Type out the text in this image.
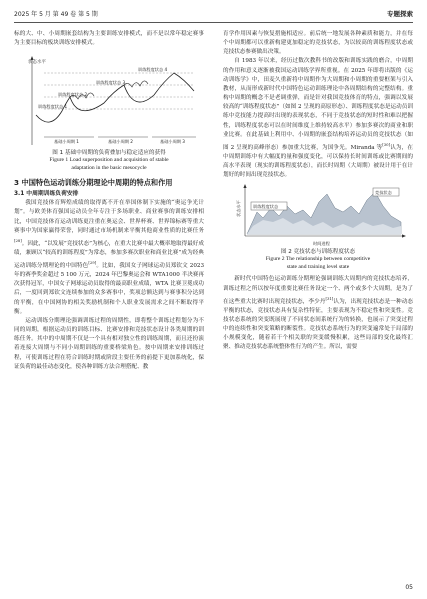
2025 年 5 月 第 49 卷 第 5 期	专题探索

标的大、中、小周期嵌套结构为主要训练安排模式，而不是以常年稳定赛事为主要目标的板块训练安排模式。

状态水平
训练程度状态 1
训练程度状态 2
训练程度状态 3
训练程度状态 4
基础小周期 1	基础小周期 2	基础小周期 3
图 1 基础中周期的负荷叠加与稳定适应的获得
Figure 1 Load superposition and acquisition of stable
adaptation in the basic mesocycle
3 中国特色运动训练分期理论中周期的特点和作用
3.1 中周期训练负荷安排

我国竞技体育辉煌成绩的取得离不开在举国体制下实施的“奥运争光计划”。与欧美体育强国运动员全年专注于多场职业、商业赛事的训练安排相比，中国竞技体育运动训练更注重在奥运会、世界杯赛、世界锦标赛等重大赛事中为国家赢得荣誉，同时通过市场机制来平衡其他商业性质的比赛任务[28]。因此，“以发展”竞技状态”为核心，在重大比赛中最大概率地取得最好成绩，兼顾以“较高的训练程度”为常态，参加多赛次职业和商业比赛”成为经典运动训练分期理论的中国特色[29]。比如，我国女子网球运动员郑钦文 2023 年的赛季奖金超过 5 100 万元，2024 年巴黎奥运会和 WTA1000 半决赛再次获得冠军，中国女子网球运动员取得的最高职业成绩，WTA 比赛卫冕成功后，一度回到郑钦文连续参加的众多赛事中，奖项总额达到与赛事积分达到的平衡，在中国网协的相关奖励机制和个人职业发展需求之间不断取得平衡。

运动训练分期理论强调训练过程的周期性，即将整个训练过程划分为不同的周期，根据运动员的训练目标、比赛安排和竞技状态设计各类周期的训练任务。其中的中周期不仅是一个具有相对独立性的训练周期，而且还扮演着连接大周期与不同小周期训练的重要桥梁角色。按中周期来安排训练过程，可使训练过程在符合训练时期或阶段主要任务的前提下更加系统化，保证负荷的最佳动态变化，使各种训练方法合理搭配、教

育学作用因素与恢复措施相适应。前后统一地发展各种素质和能力，并在每个中周期都可以重新构建更加稳定的竞技状态，为以较高的训练程度状态或竞技状态参赛做出决策。

自 1983 年以来，经历过数次教科书的改版和训练实践的磨合，中周期的作用和意义逐渐被我国运动训练学界所重视。在 2025 年即将出版的《运动训练学》中，田麦久重新将中周期作为大周期和小周期的重要框架与引入教材，从而形成新时代中国特色运动训练理论中各周期结构的完整结构。重构中周期的概念不是老调重弹，而是针对我国竞技体育的特点，强调以发展较高的“训练程度状态”（如图 2 呈现的高原形态）、训练程度状态是运动员训练中竞技能力提高时出现的表现状态，不同于竞技状态的短时性和难以把握性，训练程度状态可以在时间维度上维持较高水平）参加多赛次的商业和职业比赛。在此基础上利用中、小周期的嵌套结构培养运动员的竞技状态（如图 2 呈现的高峰形态）参加重大比赛，为国争光。Miranda 等[30]认为，在中周期训练中有大幅度的量和强度变化，可以保持长时间训练或比赛期间的高水平表现（现实的训练程度状态），而长时周期（大周期）被设计用于在计划好的时间出现竞技状态。

状态水平	训练程度状态
竞技状态
时间进程
图 2 竞技状态与训练程度状态
Figure 2 The relationship between competitive
state and training level state

新时代中国特色运动训练分期理论强调训练大周期内的竞技状态培养，训练过程之所以按年度重要比赛任务设定一个、两个或多个大周期，是为了在这些重大比赛时出现竞技状态，李少丹[31]认为，出现竞技状态是一种动态平衡的状态，竞技状态具有复杂性特征，主要表现为不稳定性和突变性。竞技状态系统的突变既展现了不同状态间系统行为的转换，也展示了突变过程中的连续性和突变策略的断裂性。竞技状态系统行为的突变遍常处于局部的小规模变化，随着若干个相关联的突变缓慢积累，这些局部的变化最终汇聚、推动竞技状态系统整体性行为的产生。所以，需要

05
